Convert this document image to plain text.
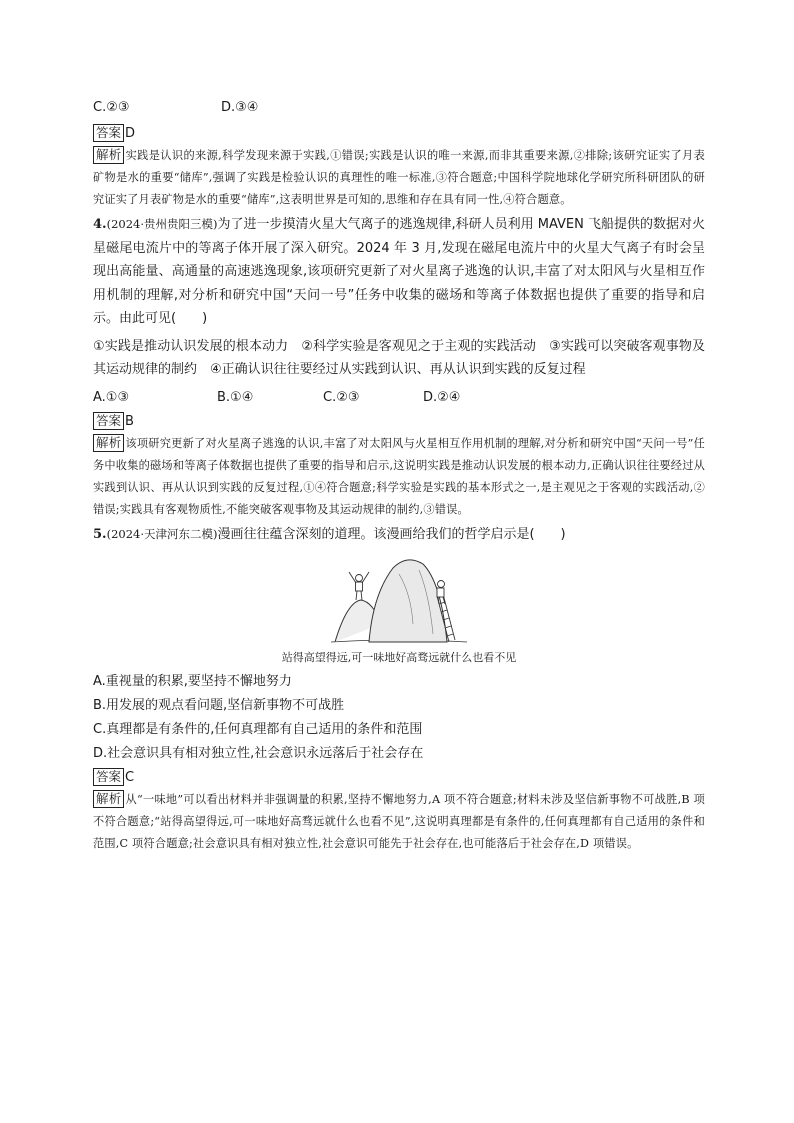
C.②③	D.③④
答案 D
解析 实践是认识的来源,科学发现来源于实践,①错误;实践是认识的唯一来源,而非其重要来源,②排除;该研究证实了月表矿物是水的重要“储库”,强调了实践是检验认识的真理性的唯一标准,③符合题意;中国科学院地球化学研究所科研团队的研究证实了月表矿物是水的重要“储库”,这表明世界是可知的,思维和存在具有同一性,④符合题意。
4.(2024·贵州贵阳三模)为了进一步摸清火星大气离子的逃逸规律,科研人员利用 MAVEN 飞船提供的数据对火星磁尾电流片中的等离子体开展了深入研究。2024 年 3 月,发现在磁尾电流片中的火星大气离子有时会呈现出高能量、高通量的高速逃逸现象,该项研究更新了对火星离子逃逸的认识,丰富了对太阳风与火星相互作用机制的理解,对分析和研究中国“天问一号”任务中收集的磁场和等离子体数据也提供了重要的指导和启示。由此可见(　　)
①实践是推动认识发展的根本动力　②科学实验是客观见之于主观的实践活动　③实践可以突破客观事物及其运动规律的制约　④正确认识往往要经过从实践到认识、再从认识到实践的反复过程
A.①③	B.①④	C.②③	D.②④
答案 B
解析 该项研究更新了对火星离子逃逸的认识,丰富了对太阳风与火星相互作用机制的理解,对分析和研究中国“天问一号”任务中收集的磁场和等离子体数据也提供了重要的指导和启示,这说明实践是推动认识发展的根本动力,正确认识往往要经过从实践到认识、再从认识到实践的反复过程,①④符合题意;科学实验是实践的基本形式之一,是主观见之于客观的实践活动,②错误;实践具有客观物质性,不能突破客观事物及其运动规律的制约,③错误。
5.(2024·天津河东二模)漫画往往蕴含深刻的道理。该漫画给我们的哲学启示是(　　)
站得高望得远,可一味地好高骛远就什么也看不见
A.重视量的积累,要坚持不懈地努力
B.用发展的观点看问题,坚信新事物不可战胜
C.真理都是有条件的,任何真理都有自己适用的条件和范围
D.社会意识具有相对独立性,社会意识永远落后于社会存在
答案 C
解析 从“一味地”可以看出材料并非强调量的积累,坚持不懈地努力,A 项不符合题意;材料未涉及坚信新事物不可战胜,B 项不符合题意;“站得高望得远,可一味地好高骛远就什么也看不见”,这说明真理都是有条件的,任何真理都有自己适用的条件和范围,C 项符合题意;社会意识具有相对独立性,社会意识可能先于社会存在,也可能落后于社会存在,D 项错误。
